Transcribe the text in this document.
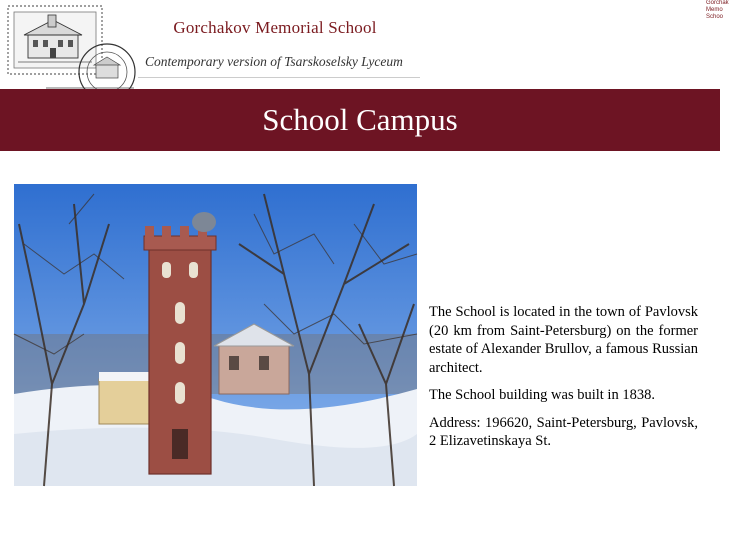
Gorchakov Memorial School
Contemporary version of Tsarskoselsky Lyceum
Gorchak Memo Schoo
School Campus

The School is located in the town of Pavlovsk (20 km from Saint-Petersburg) on the former estate of Alexander Brullov, a famous Russian architect.

The School building was built in 1838.

Address: 196620, Saint-Petersburg, Pavlovsk, 2 Elizavetinskaya St.
